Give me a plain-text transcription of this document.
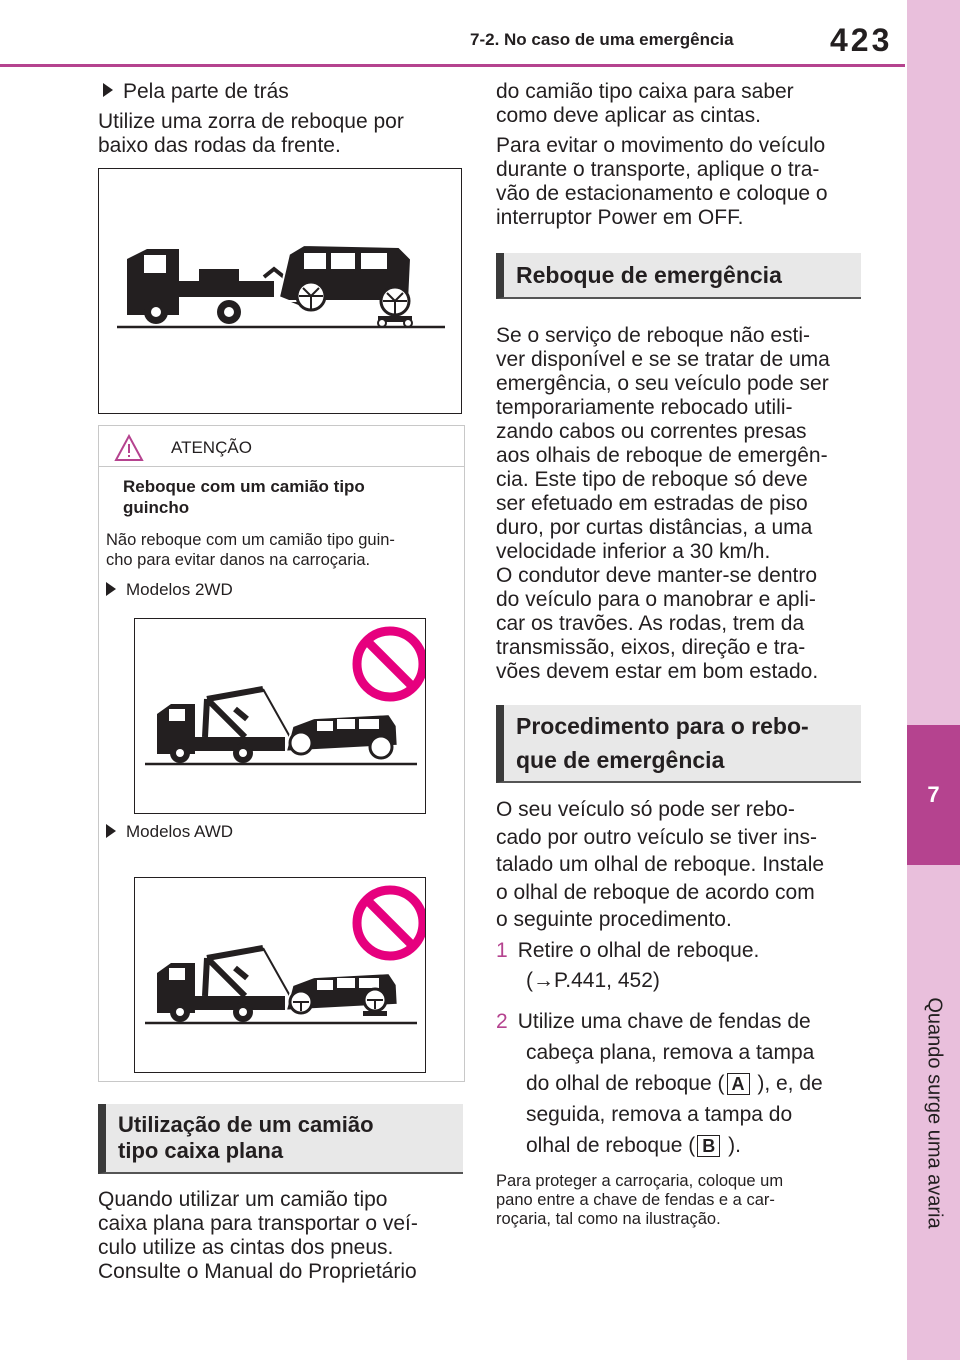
7-2. No caso de uma emergência	423
7
Quando surge uma avaria
Pela parte de trás
Utilize uma zorra de reboque por
baixo das rodas da frente.
ATENÇÃO
Reboque com um camião tipo
guincho
Não reboque com um camião tipo guin-
cho para evitar danos na carroçaria.
Modelos 2WD
Modelos AWD
Utilização de um camião
tipo caixa plana
Quando utilizar um camião tipo
caixa plana para transportar o veí-
culo utilize as cintas dos pneus.
Consulte o Manual do Proprietário
do camião tipo caixa para saber
como deve aplicar as cintas.
Para evitar o movimento do veículo
durante o transporte, aplique o tra-
vão de estacionamento e coloque o
interruptor Power em OFF.
Reboque de emergência
Se o serviço de reboque não esti-
ver disponível e se se tratar de uma
emergência, o seu veículo pode ser
temporariamente rebocado utili-
zando cabos ou correntes presas
aos olhais de reboque de emergên-
cia. Este tipo de reboque só deve
ser efetuado em estradas de piso
duro, por curtas distâncias, a uma
velocidade inferior a 30 km/h.
O condutor deve manter-se dentro
do veículo para o manobrar e apli-
car os travões. As rodas, trem da
transmissão, eixos, direção e tra-
vões devem estar em bom estado.
Procedimento para o rebo-
que de emergência
O seu veículo só pode ser rebo-
cado por outro veículo se tiver ins-
talado um olhal de reboque. Instale
o olhal de reboque de acordo com
o seguinte procedimento.
1 Retire o olhal de reboque.
(→P.441, 452)
2 Utilize uma chave de fendas de
cabeça plana, remova a tampa
do olhal de reboque ( A ), e, de
seguida, remova a tampa do
olhal de reboque ( B ).
Para proteger a carroçaria, coloque um
pano entre a chave de fendas e a car-
roçaria, tal como na ilustração.
